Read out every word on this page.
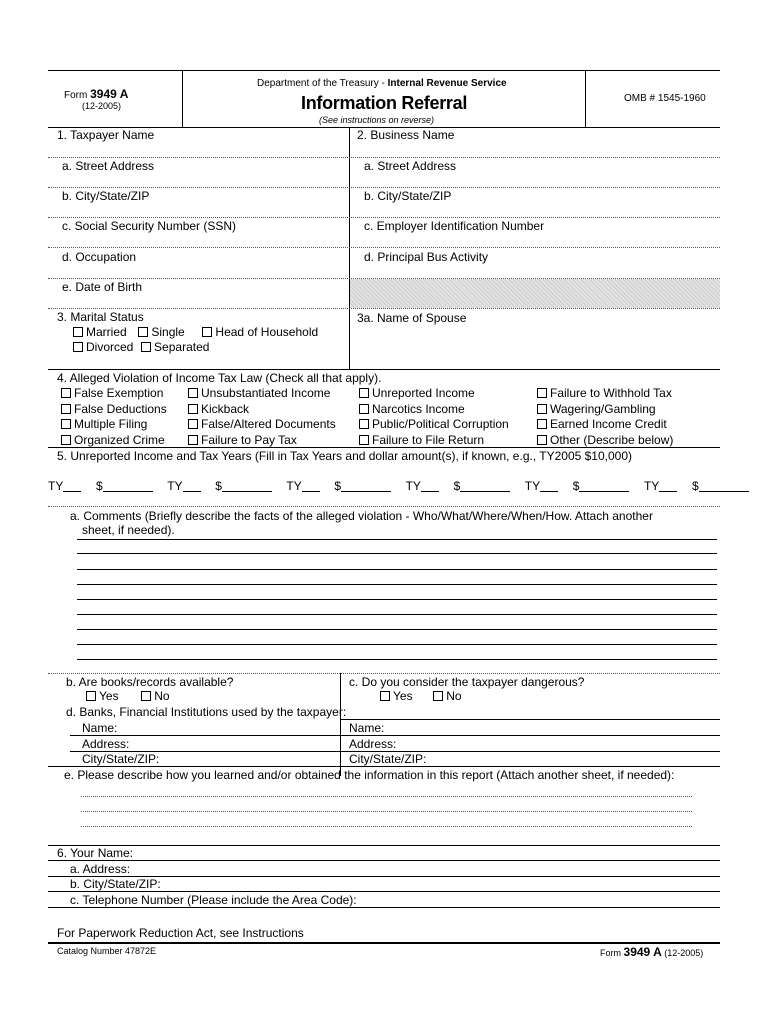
Form 3949 A
(12-2005)
Department of the Treasury - Internal Revenue Service
Information Referral
(See instructions on reverse)
OMB # 1545-1960
1. Taxpayer Name	2. Business Name
a. Street Address	a. Street Address
b. City/State/ZIP	b. City/State/ZIP
c. Social Security Number (SSN)	c. Employer Identification Number
d. Occupation	d. Principal Bus Activity
e. Date of Birth
3. Marital Status
Married Single	Head of Household
Divorced Separated
3a. Name of Spouse
4. Alleged Violation of Income Tax Law (Check all that apply).
False Exemption
False Deductions
Multiple Filing
Organized Crime
Unsubstantiated Income
Kickback
False/Altered Documents
Failure to Pay Tax
Unreported Income
Narcotics Income
Public/Political Corruption
Failure to File Return
Failure to Withhold Tax
Wagering/Gambling
Earned Income Credit
Other (Describe below)
5. Unreported Income and Tax Years (Fill in Tax Years and dollar amount(s), if known, e.g., TY2005 $10,000)
TY	$	TY	$	TY	$	TY	$	TY	$	TY	$
a. Comments (Briefly describe the facts of the alleged violation - Who/What/Where/When/How. Attach another
sheet, if needed).
b. Are books/records available?
Yes	No
c. Do you consider the taxpayer dangerous?
Yes	No
d. Banks, Financial Institutions used by the taxpayer:
Name:	Name:
Address:	Address:
City/State/ZIP:	City/State/ZIP:
e. Please describe how you learned and/or obtained the information in this report (Attach another sheet, if needed):
6. Your Name:
a. Address:
b. City/State/ZIP:
c. Telephone Number (Please include the Area Code):
For Paperwork Reduction Act, see Instructions
Catalog Number 47872E	Form 3949 A (12-2005)
